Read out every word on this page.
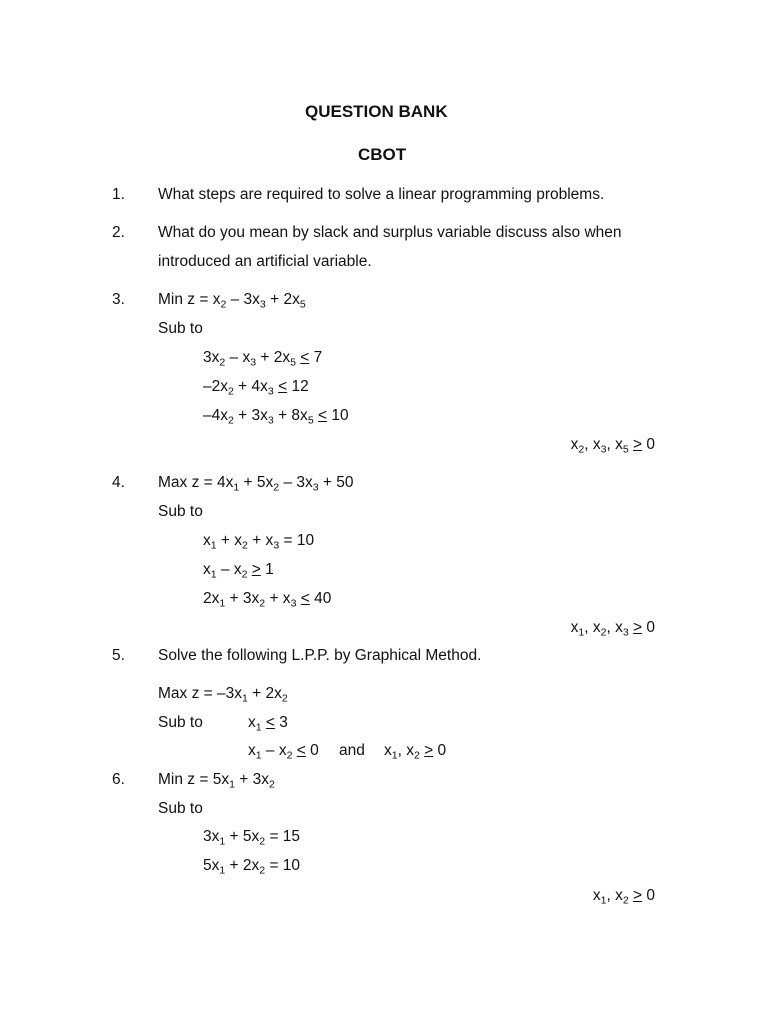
QUESTION BANK
CBOT
1. What steps are required to solve a linear programming problems.
2. What do you mean by slack and surplus variable discuss also when
introduced an artificial variable.
3. Min $z = x_2 - 3x_3 + 2x_5$
Sub to
$3x_2 - x_3 + 2x_5 < 7$
$-2x_2 + 4x_3 < 12$
$-4x_2 + 3x_3 + 8x_5 < 10$
$x_2$, $x_3$, $x_5 > 0$
4. Max $z = 4x_1 + 5x_2 - 3x_3 + 50$
Sub to
$x_1 + x_2 + x_3 = 10$
$x_1 - x_2 > 1$
$2x_1 + 3x_2 + x_3 < 40$
$x_1$, $x_2$, $x_3 > 0$
5. Solve the following L.P.P. by Graphical Method.
Max $z = -3x_1 + 2x_2$
Sub to	$x_1 < 3$
$x_1 - x_2 < 0$ and $x_1$, $x_2 > 0$
6. Min $z = 5x_1 + 3x_2$
Sub to
$3x_1 + 5x_2 = 15$
$5x_1 + 2x_2 = 10$
$x_1$, $x_2 > 0$
